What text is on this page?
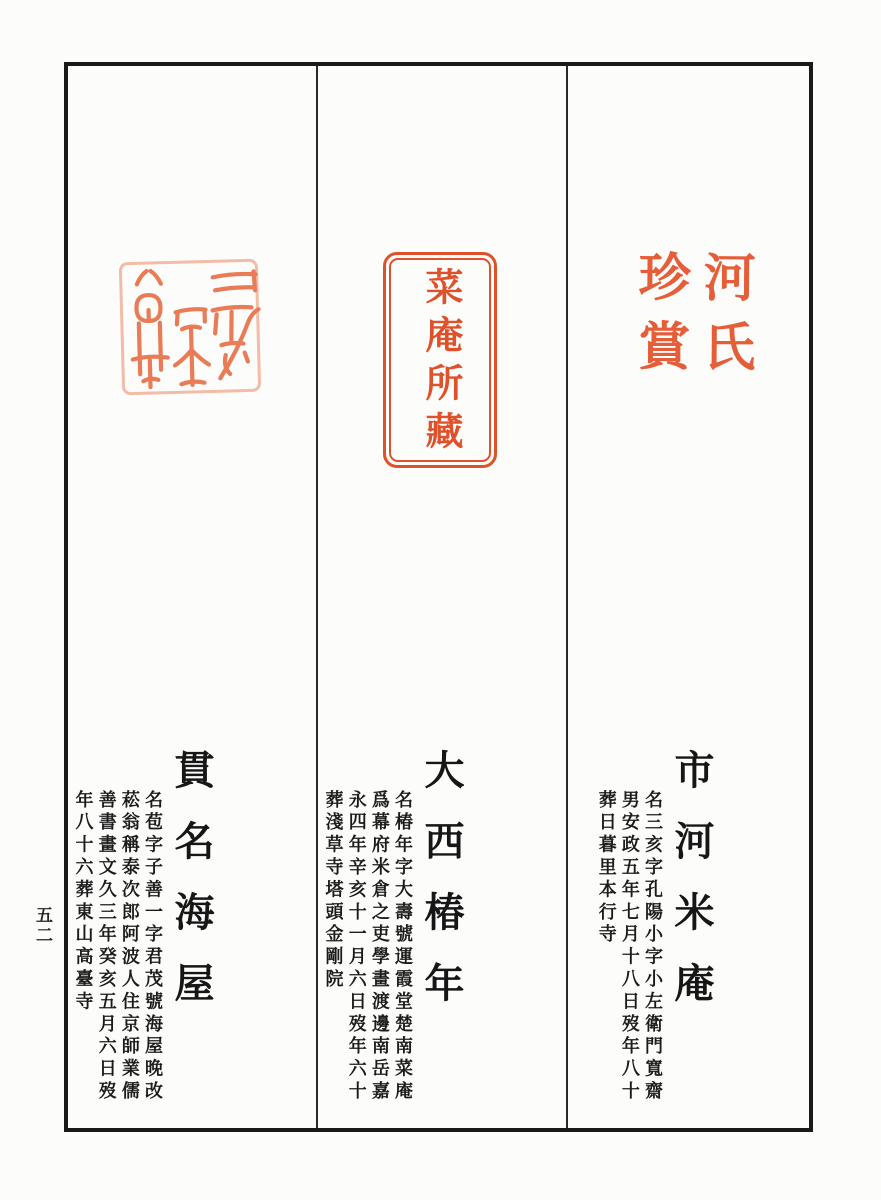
五二	貫名海屋
名苞字子善一字君茂號海屋晚改
菘翁稱泰次郎阿波人住京師業儒
善書畫文久三年癸亥五月六日歿
年八十六葬東山高臺寺
菜庵所藏
大西椿年
名椿年字大壽號運霞堂楚南菜庵
爲幕府米倉之吏學畫渡邊南岳嘉
永四年辛亥十一月六日歿年六十
葬淺草寺塔頭金剛院
河氏珍賞
市河米庵
名三亥字孔陽小字小左衛門寬齋
男安政五年七月十八日歿年八十
葬日暮里本行寺
